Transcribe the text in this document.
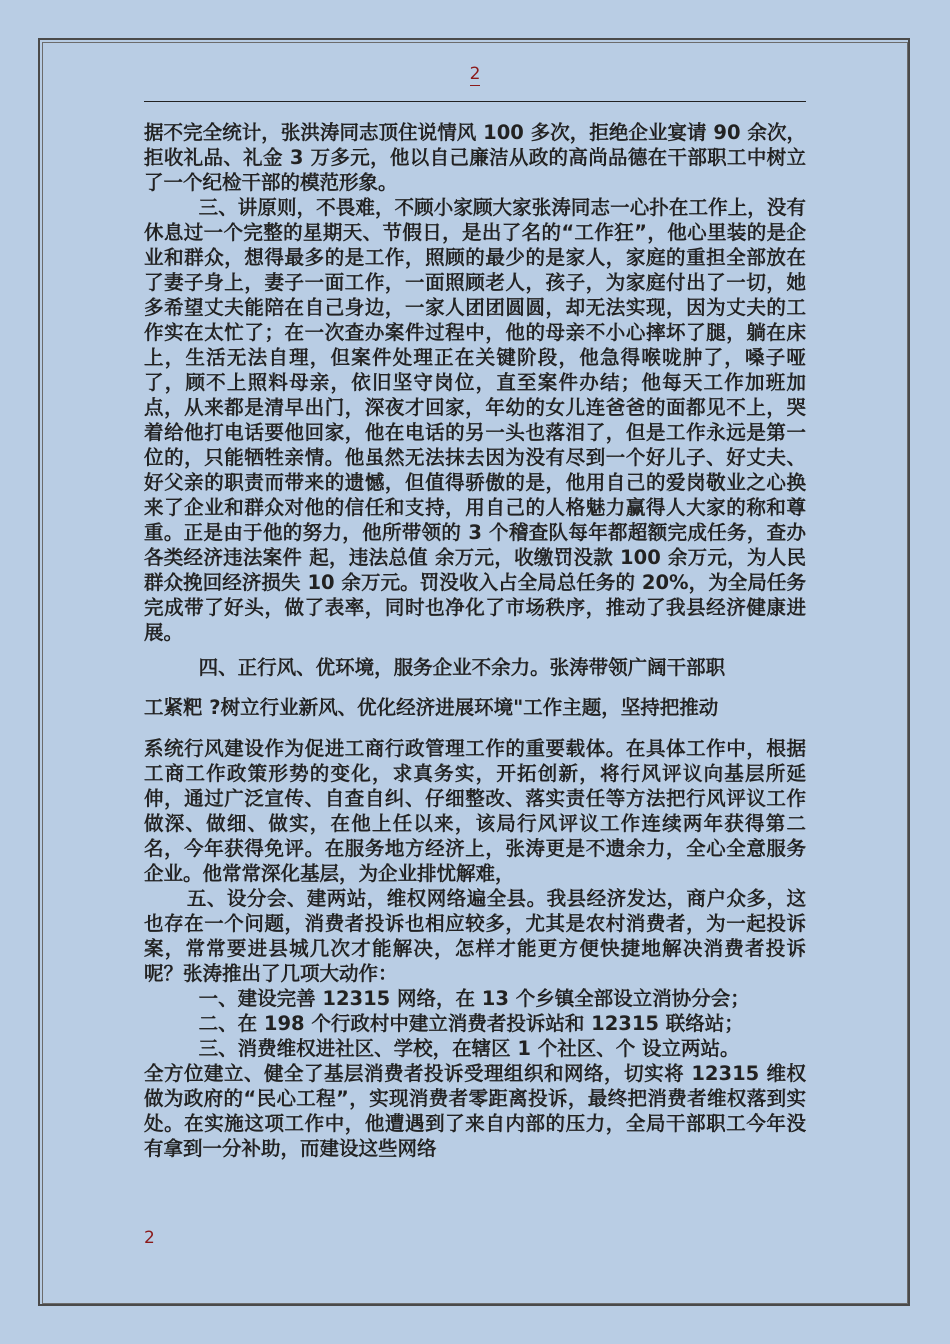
2

据不完全统计，张洪涛同志顶住说情风 100 多次，拒绝企业宴请 90 余次，拒收礼品、礼金 3 万多元，他以自己廉洁从政的高尚品德在干部职工中树立了一个纪检干部的模范形象。

三、讲原则，不畏难，不顾小家顾大家张涛同志一心扑在工作上，没有休息过一个完整的星期天、节假日，是出了名的“工作狂”，他心里装的是企业和群众，想得最多的是工作，照顾的最少的是家人，家庭的重担全部放在了妻子身上，妻子一面工作，一面照顾老人，孩子，为家庭付出了一切，她多希望丈夫能陪在自己身边，一家人团团圆圆，却无法实现，因为丈夫的工作实在太忙了；在一次查办案件过程中，他的母亲不小心摔坏了腿，躺在床上，生活无法自理，但案件处理正在关键阶段，他急得喉咙肿了，嗓子哑了，顾不上照料母亲，依旧坚守岗位，直至案件办结；他每天工作加班加点，从来都是清早出门，深夜才回家，年幼的女儿连爸爸的面都见不上，哭着给他打电话要他回家，他在电话的另一头也落泪了，但是工作永远是第一位的，只能牺牲亲情。他虽然无法抹去因为没有尽到一个好儿子、好丈夫、好父亲的职责而带来的遗憾，但值得骄傲的是，他用自己的爱岗敬业之心换来了企业和群众对他的信任和支持，用自己的人格魅力赢得人大家的称和尊重。正是由于他的努力，他所带领的 3 个稽查队每年都超额完成任务，查办各类经济违法案件 起，违法总值 余万元，收缴罚没款 100 余万元，为人民群众挽回经济损失 10 余万元。罚没收入占全局总任务的 20%，为全局任务完成带了好头，做了表率，同时也净化了市场秩序，推动了我县经济健康进展。

四、正行风、优环境，服务企业不余力。张涛带领广阔干部职

工紧粑 ?树立行业新风、优化经济进展环境"工作主题，坚持把推动

系统行风建设作为促进工商行政管理工作的重要载体。在具体工作中，根据工商工作政策形势的变化，求真务实，开拓创新，将行风评议向基层所延伸，通过广泛宣传、自查自纠、仔细整改、落实责任等方法把行风评议工作做深、做细、做实，在他上任以来，该局行风评议工作连续两年获得第二名，今年获得免评。在服务地方经济上，张涛更是不遗余力，全心全意服务企业。他常常深化基层，为企业排忧解难，

五、设分会、建两站，维权网络遍全县。我县经济发达，商户众多，这也存在一个问题，消费者投诉也相应较多，尤其是农村消费者，为一起投诉案，常常要进县城几次才能解决，怎样才能更方便快捷地解决消费者投诉呢？张涛推出了几项大动作：

一、建设完善 12315 网络，在 13 个乡镇全部设立消协分会；

二、在 198 个行政村中建立消费者投诉站和 12315 联络站；

三、消费维权进社区、学校，在辖区 1 个社区、个 设立两站。

全方位建立、健全了基层消费者投诉受理组织和网络，切实将 12315 维权做为政府的“民心工程”，实现消费者零距离投诉，最终把消费者维权落到实处。在实施这项工作中，他遭遇到了来自内部的压力，全局干部职工今年没有拿到一分补助，而建设这些网络

2
